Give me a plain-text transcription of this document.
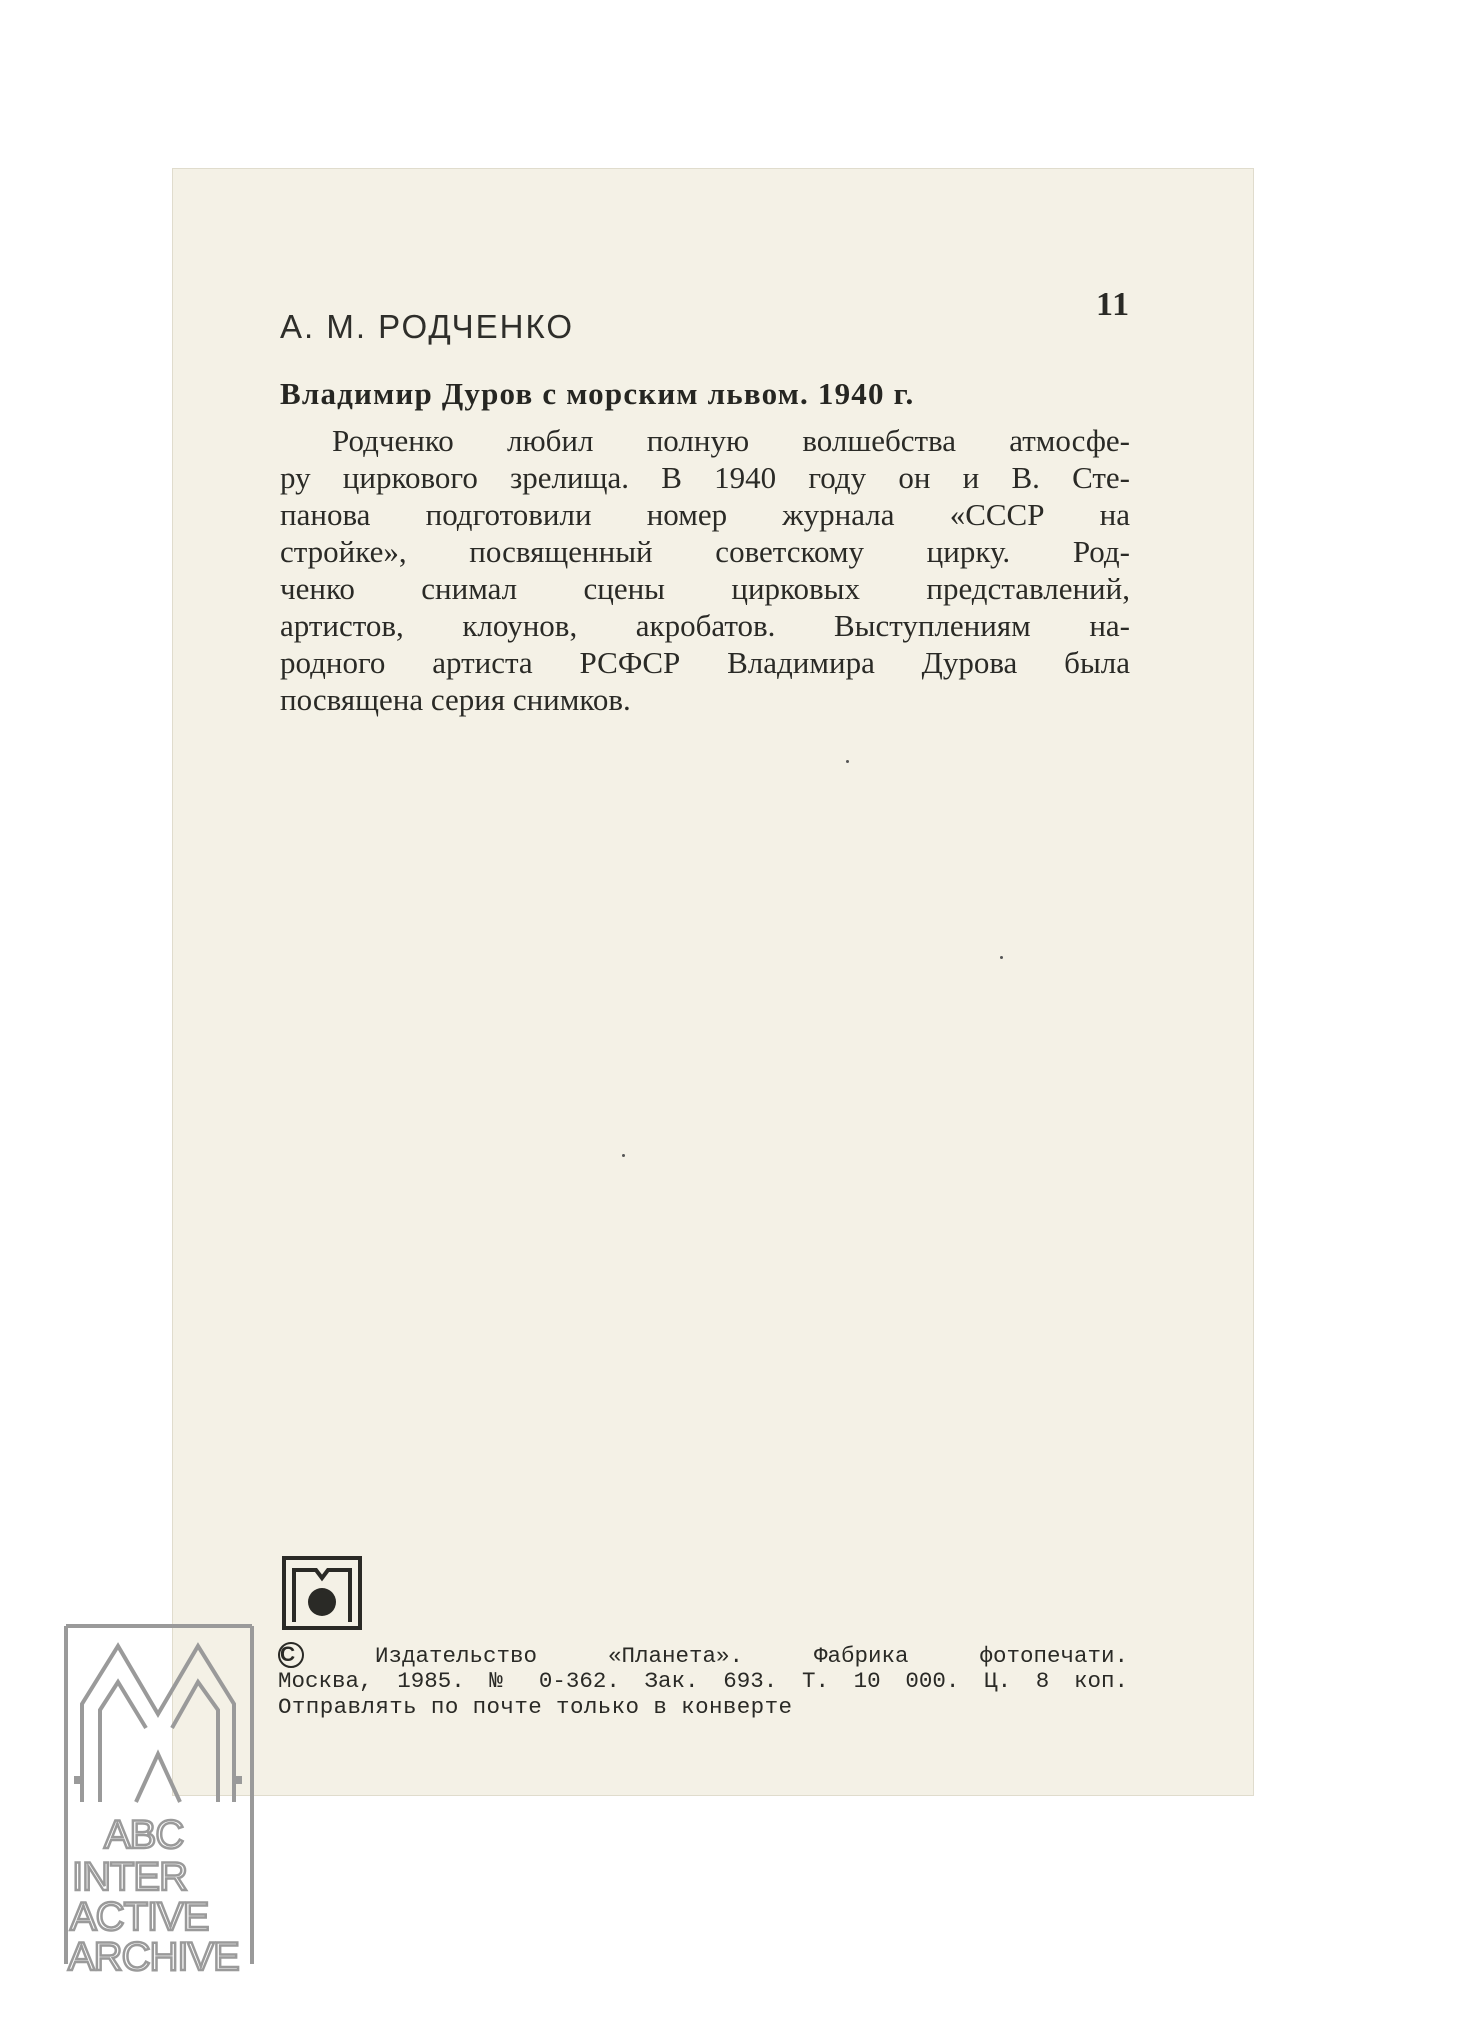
11
А. М. РОДЧЕНКО
Владимир Дуров с морским львом. 1940 г.
Родченко любил полную волшебства атмосфе-
ру циркового зрелища. В 1940 году он и В. Сте-
панова подготовили номер журнала «СССР на
стройке», посвященный советскому цирку. Род-
ченко снимал сцены цирковых представлений,
артистов, клоунов, акробатов. Выступлениям на-
родного артиста РСФСР Владимира Дурова была
посвящена серия снимков.
C	Издательство «Планета». Фабрика фотопечати.
Москва, 1985. № 0-362. Зак. 693. Т. 10 000. Ц. 8 коп.
Отправлять по почте только в конверте
ABC
INTER
ACTIVE
ARCHIVE
